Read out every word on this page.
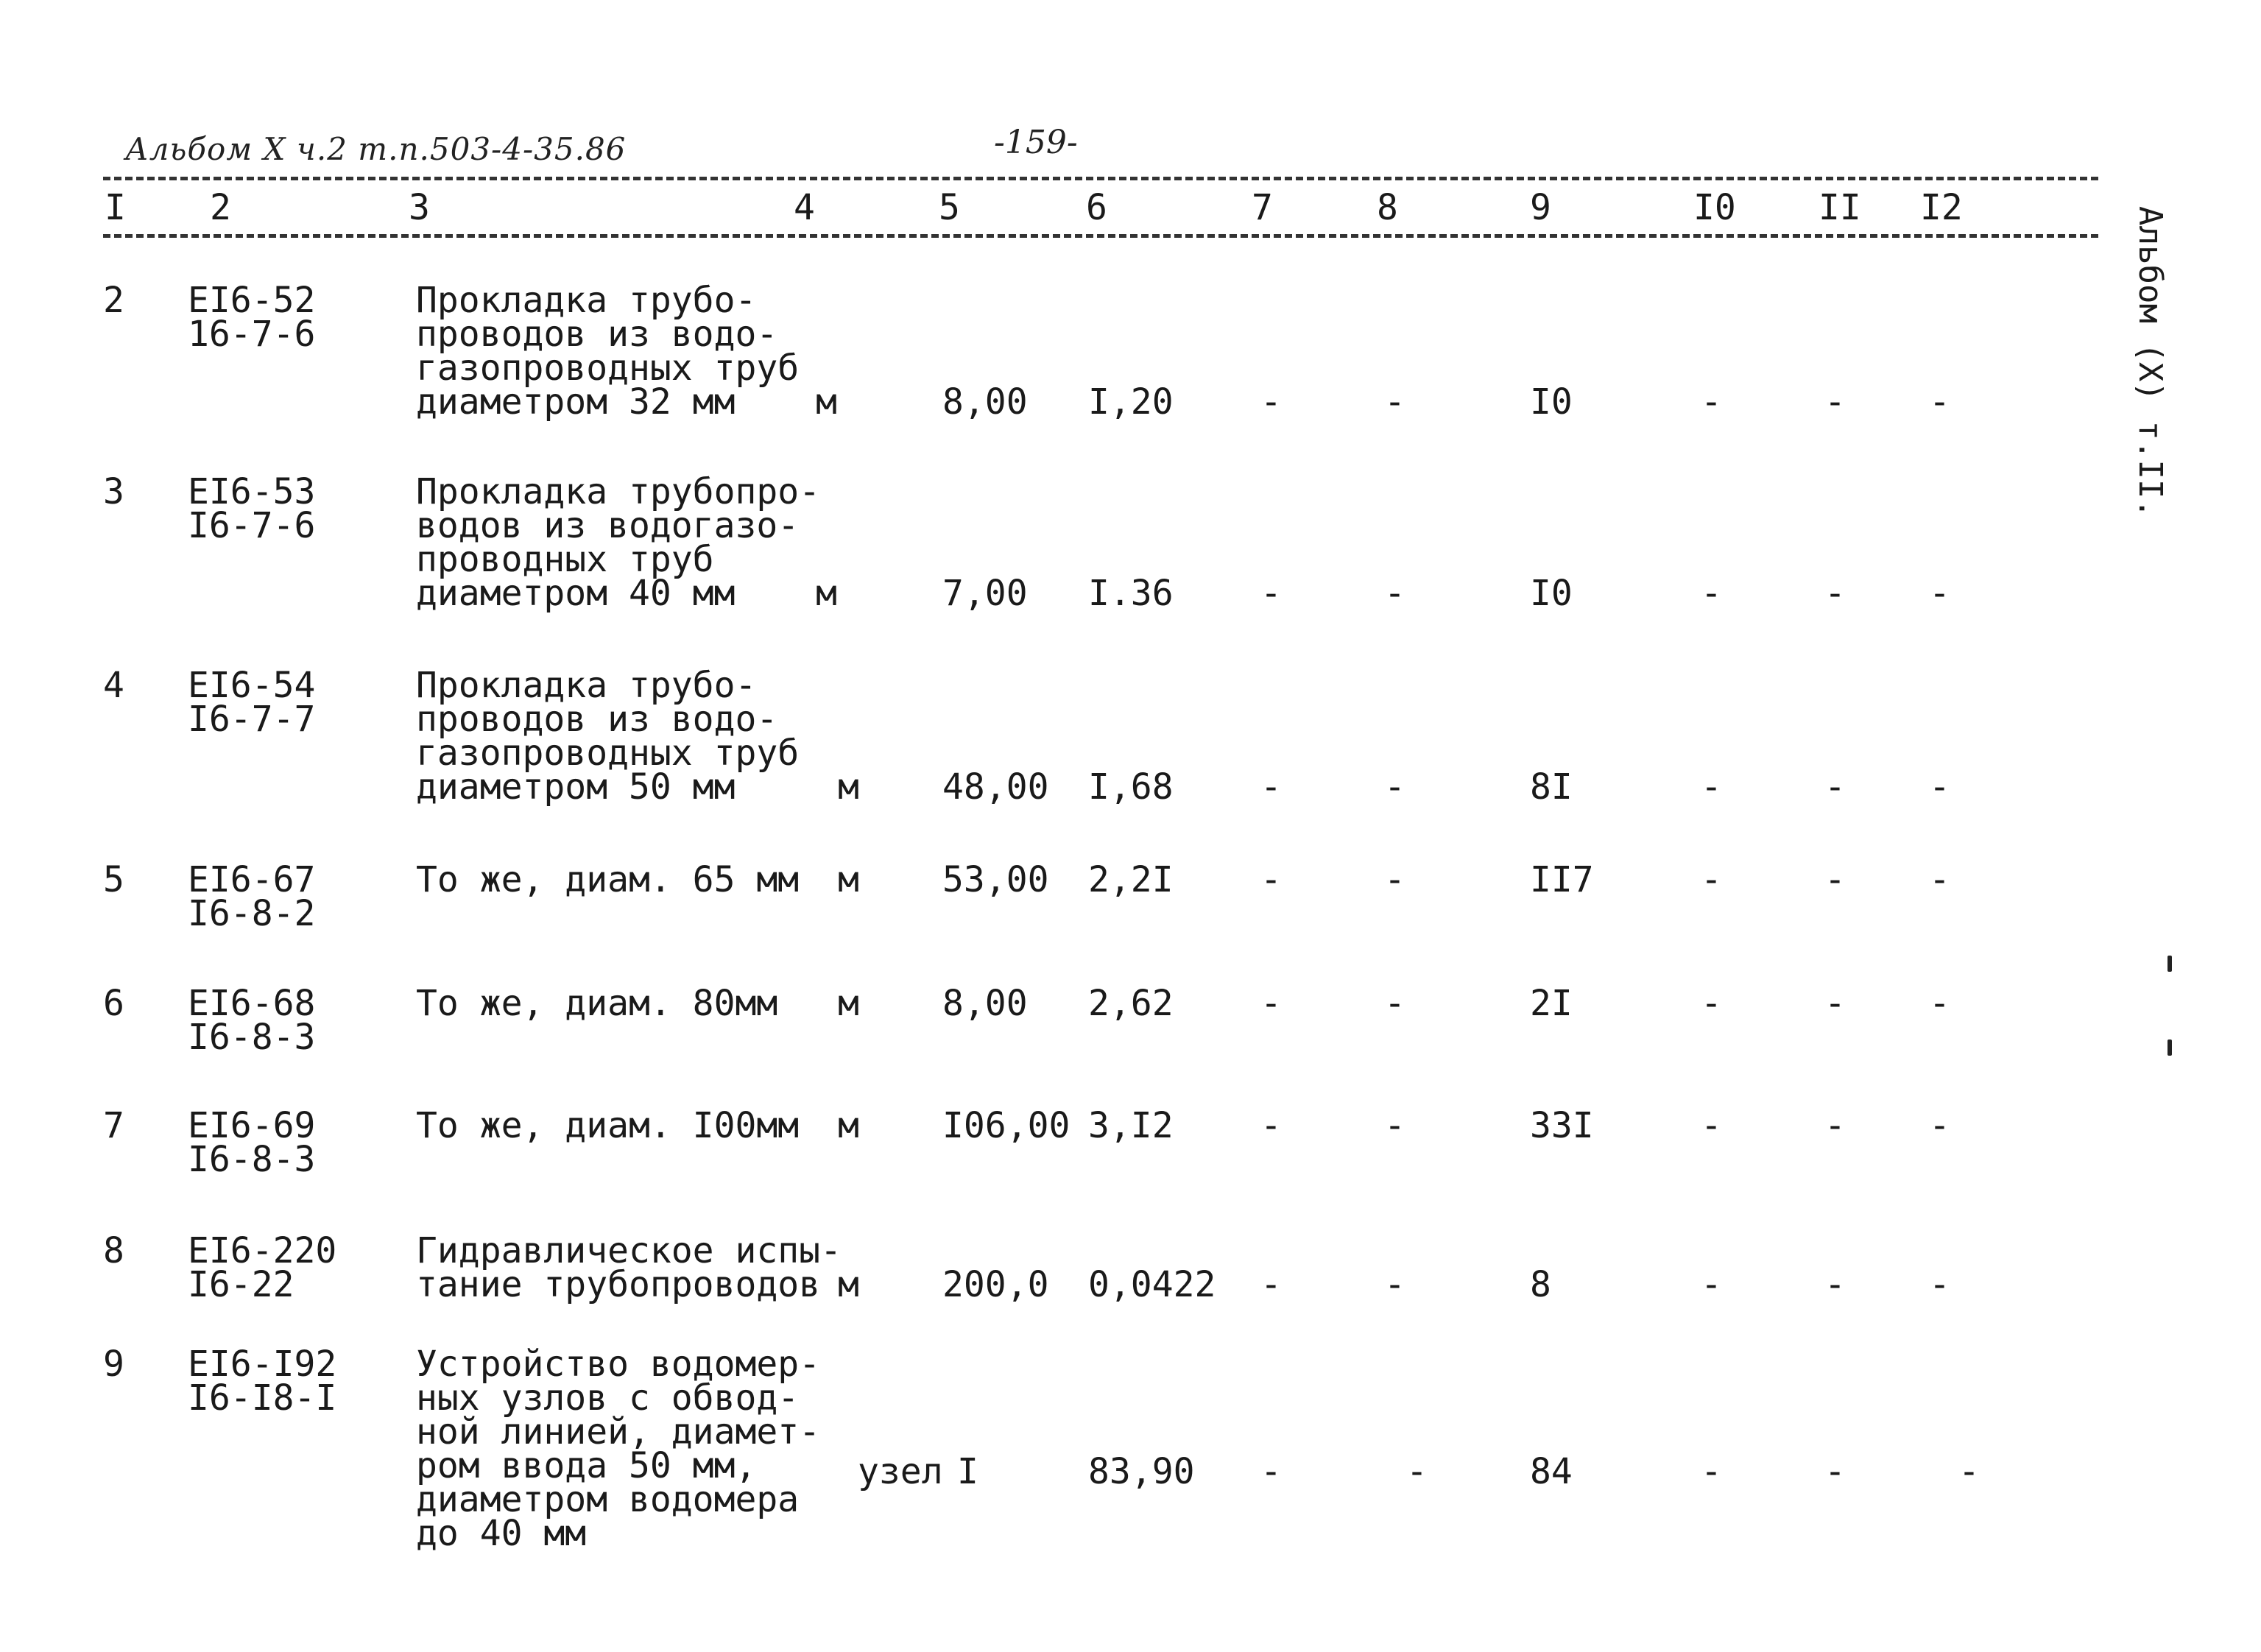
Альбом X ч.2 т.п.503-4-35.86	-159-
I 2	3	4	5	6	7	8	9	I0 II I2	Альбом (X) т.II.
2 EI6-52
16-7-6
Прокладка трубо-
проводов из водо-
газопроводных труб
диаметром 32 мм	м	8,00 I,20 -	-	I0	-	- -
3 EI6-53
I6-7-6
Прокладка трубопро-
водов из водогазо-
проводных труб
диаметром 40 мм	м	7,00 I.36 -	-	I0	-	- -
4 EI6-54
I6-7-7
Прокладка трубо-
проводов из водо-
газопроводных труб
диаметром 50 мм	м 48,00 I,68 -	-	8I	-	- -
5 EI6-67
I6-8-2
То же, диам. 65 мм м 53,00 2,2I -	-	II7	-	- -
6 EI6-68
I6-8-3
То же, диам. 80мм м 8,00 2,62 -	-	2I	-	- -
7 EI6-69
I6-8-3
То же, диам. I00мм м I06,00 3,I2 -	-	33I	-	- -
8 EI6-220
I6-22
Гидравлическое испы-
тание трубопроводов м 200,0 0,0422 -	-	8	-	- -
9 EI6-I92
I6-I8-I
Устройство водомер-
ных узлов с обвод-
ной линией, диамет-
ром ввода 50 мм,
диаметром водомера
до 40 мм
узел I	83,90 -	-	84	-	-	-
